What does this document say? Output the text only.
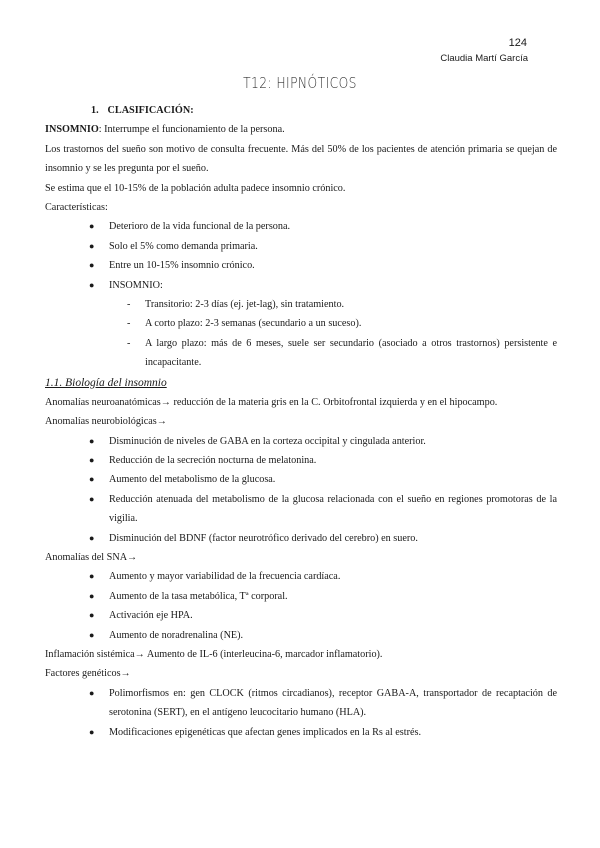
124
Claudia Martí García
T12: HIPNÓTICOS

1. CLASIFICACIÓN:

INSOMNIO: Interrumpe el funcionamiento de la persona.

Los trastornos del sueño son motivo de consulta frecuente. Más del 50% de los pacientes de atención primaria se quejan de insomnio y se les pregunta por el sueño.

Se estima que el 10-15% de la población adulta padece insomnio crónico.

Características:

● Deterioro de la vida funcional de la persona.
● Solo el 5% como demanda primaria.
● Entre un 10-15% insomnio crónico.
● INSOMNIO:
- Transitorio: 2-3 días (ej. jet-lag), sin tratamiento.
- A corto plazo: 2-3 semanas (secundario a un suceso).
- A largo plazo: más de 6 meses, suele ser secundario (asociado a otros trastornos) persistente e incapacitante.

1.1. Biología del insomnio

Anomalías neuroanatómicas→ reducción de la materia gris en la C. Orbitofrontal izquierda y en el hipocampo.

Anomalías neurobiológicas→

● Disminución de niveles de GABA en la corteza occipital y cingulada anterior.
● Reducción de la secreción nocturna de melatonina.
● Aumento del metabolismo de la glucosa.
● Reducción atenuada del metabolismo de la glucosa relacionada con el sueño en regiones promotoras de la vigilia.
● Disminución del BDNF (factor neurotrófico derivado del cerebro) en suero.

Anomalías del SNA→

● Aumento y mayor variabilidad de la frecuencia cardíaca.
● Aumento de la tasa metabólica, Tª corporal.
● Activación eje HPA.
● Aumento de noradrenalina (NE).

Inflamación sistémica→ Aumento de IL-6 (interleucina-6, marcador inflamatorio).

Factores genéticos→

● Polimorfismos en: gen CLOCK (ritmos circadianos), receptor GABA-A, transportador de recaptación de serotonina (SERT), en el antígeno leucocitario humano (HLA).
● Modificaciones epigenéticas que afectan genes implicados en la Rs al estrés.
